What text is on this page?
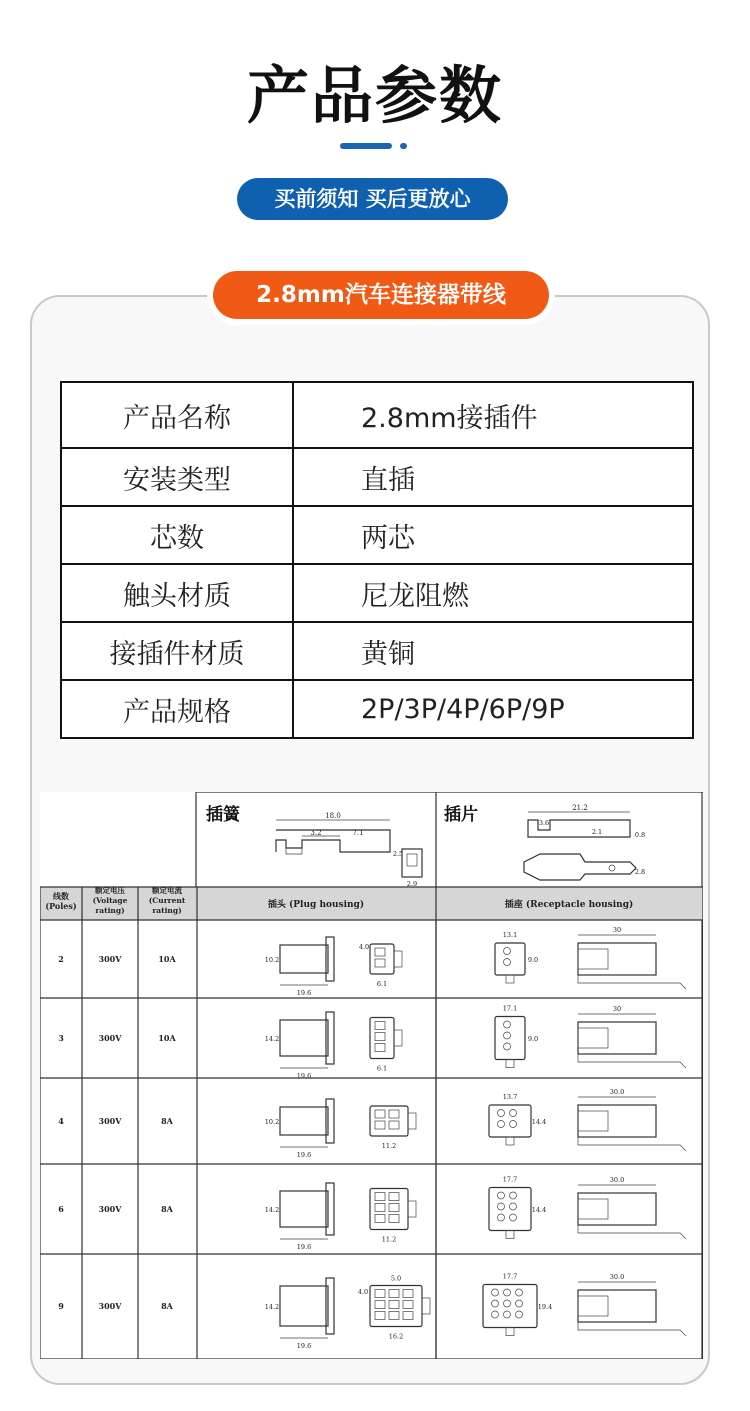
产品参数
买前须知 买后更放心
2.8mm汽车连接器带线
产品名称	2.8mm接插件
安装类型	直插
芯数	两芯
触头材质	尼龙阻燃
接插件材质	黄铜
产品规格	2P/3P/4P/6P/9P
线数
(Poles)
额定电压
(Voltage
rating)
额定电流
(Current
rating)
插头 (Plug housing)	插座 (Receptacle housing)
18.0
3.2	7.1
2.5
2.9
21.2
3.6
2.1	0.8
2.8
2	300V	10A
19.6
10.2
6.1
4.0
13.1
9.0
30
3	300V	10A
19.6
14.2
6.1
17.1
9.0
30
4	300V	8A
19.6
10.2
11.2
13.7
14.4
30.0
6	300V	8A
19.6
14.2
11.2
17.7
14.4
30.0
9	300V	8A
19.6
14.2
16.2
5.0
4.0
17.7
19.4
30.0
插簧	插片
